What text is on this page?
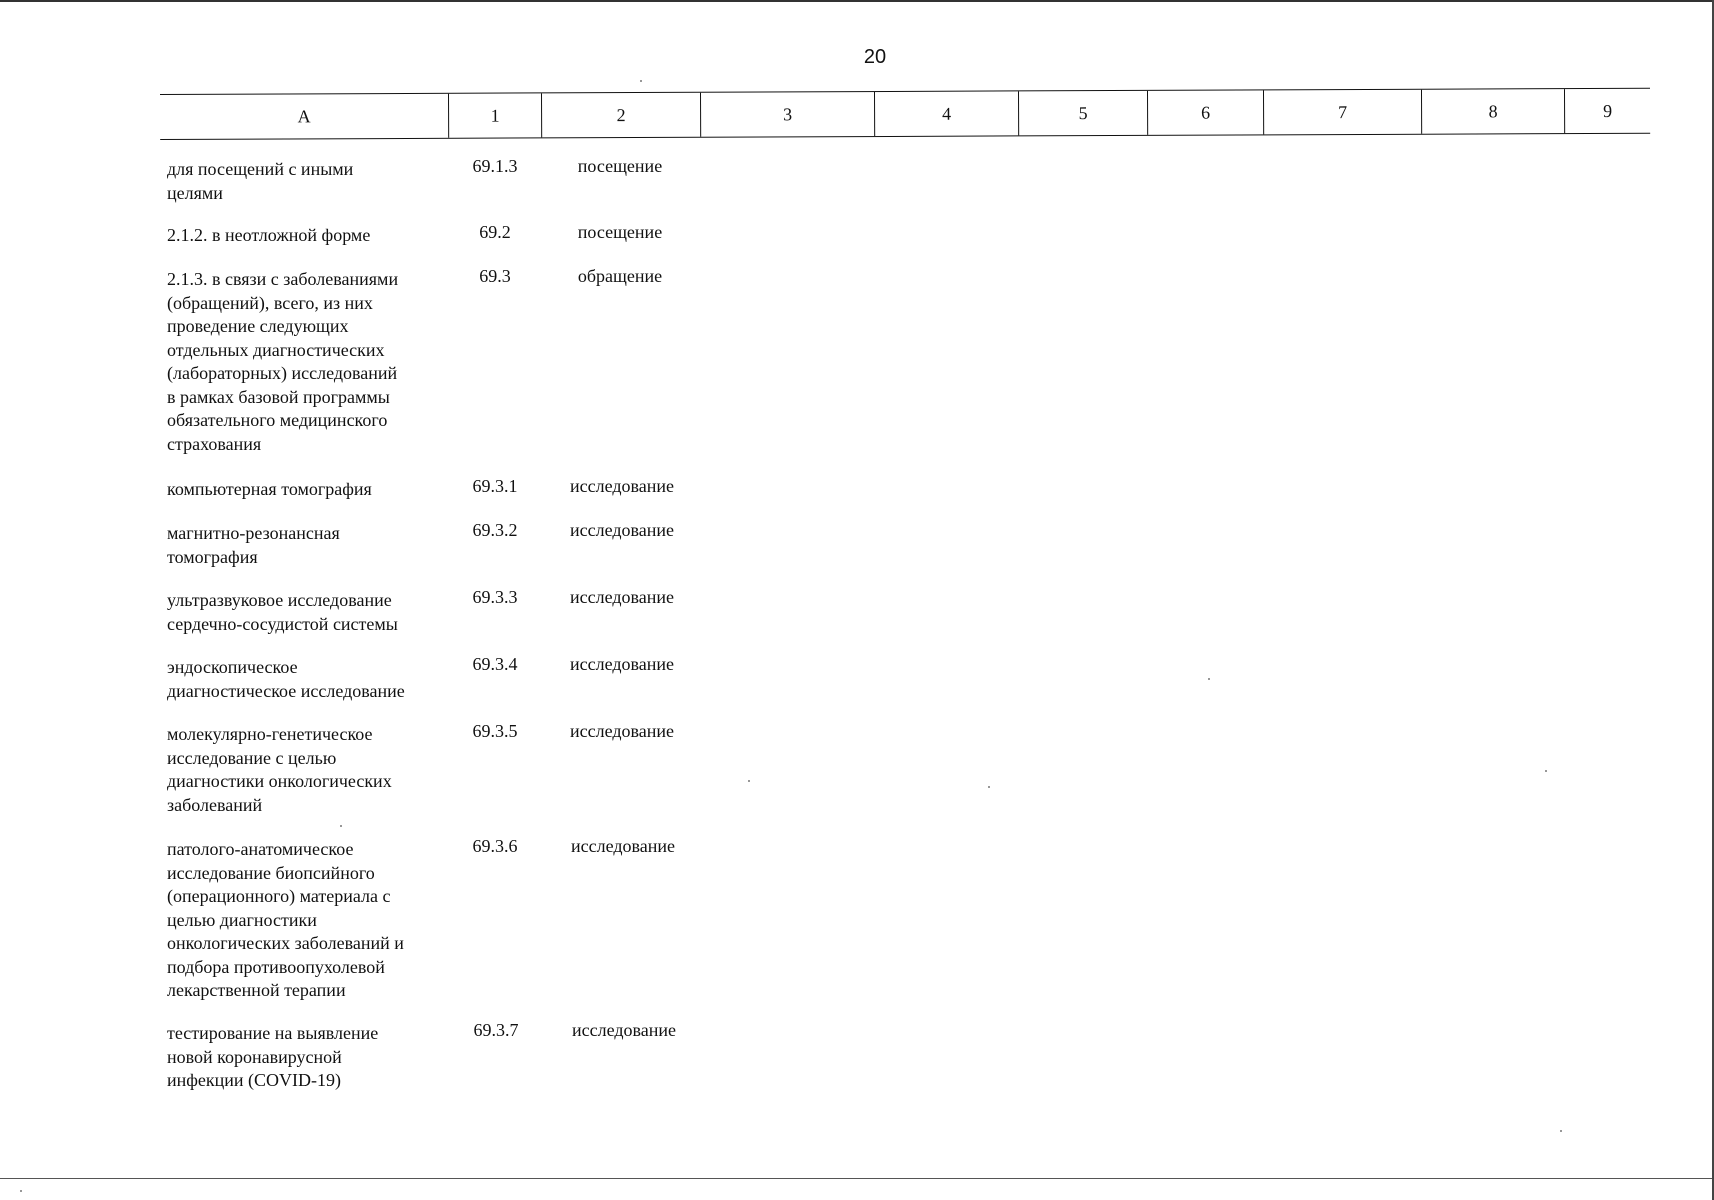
20
А	1	2	3	4	5	6	7	8	9
для посещений с иными
целями
69.1.3	посещение
2.1.2. в неотложной форме	69.2	посещение
2.1.3. в связи с заболеваниями
(обращений), всего, из них
проведение следующих
отдельных диагностических
(лабораторных) исследований
в рамках базовой программы
обязательного медицинского
страхования
69.3	обращение
компьютерная томография	69.3.1	исследование
магнитно-резонансная
томография
69.3.2	исследование
ультразвуковое исследование
сердечно-сосудистой системы
69.3.3	исследование
эндоскопическое
диагностическое исследование
69.3.4	исследование
молекулярно-генетическое
исследование с целью
диагностики онкологических
заболеваний
69.3.5	исследование
патолого-анатомическое
исследование биопсийного
(операционного) материала с
целью диагностики
онкологических заболеваний и
подбора противоопухолевой
лекарственной терапии
69.3.6	исследование
тестирование на выявление
новой коронавирусной
инфекции (COVID-19)
69.3.7	исследование
